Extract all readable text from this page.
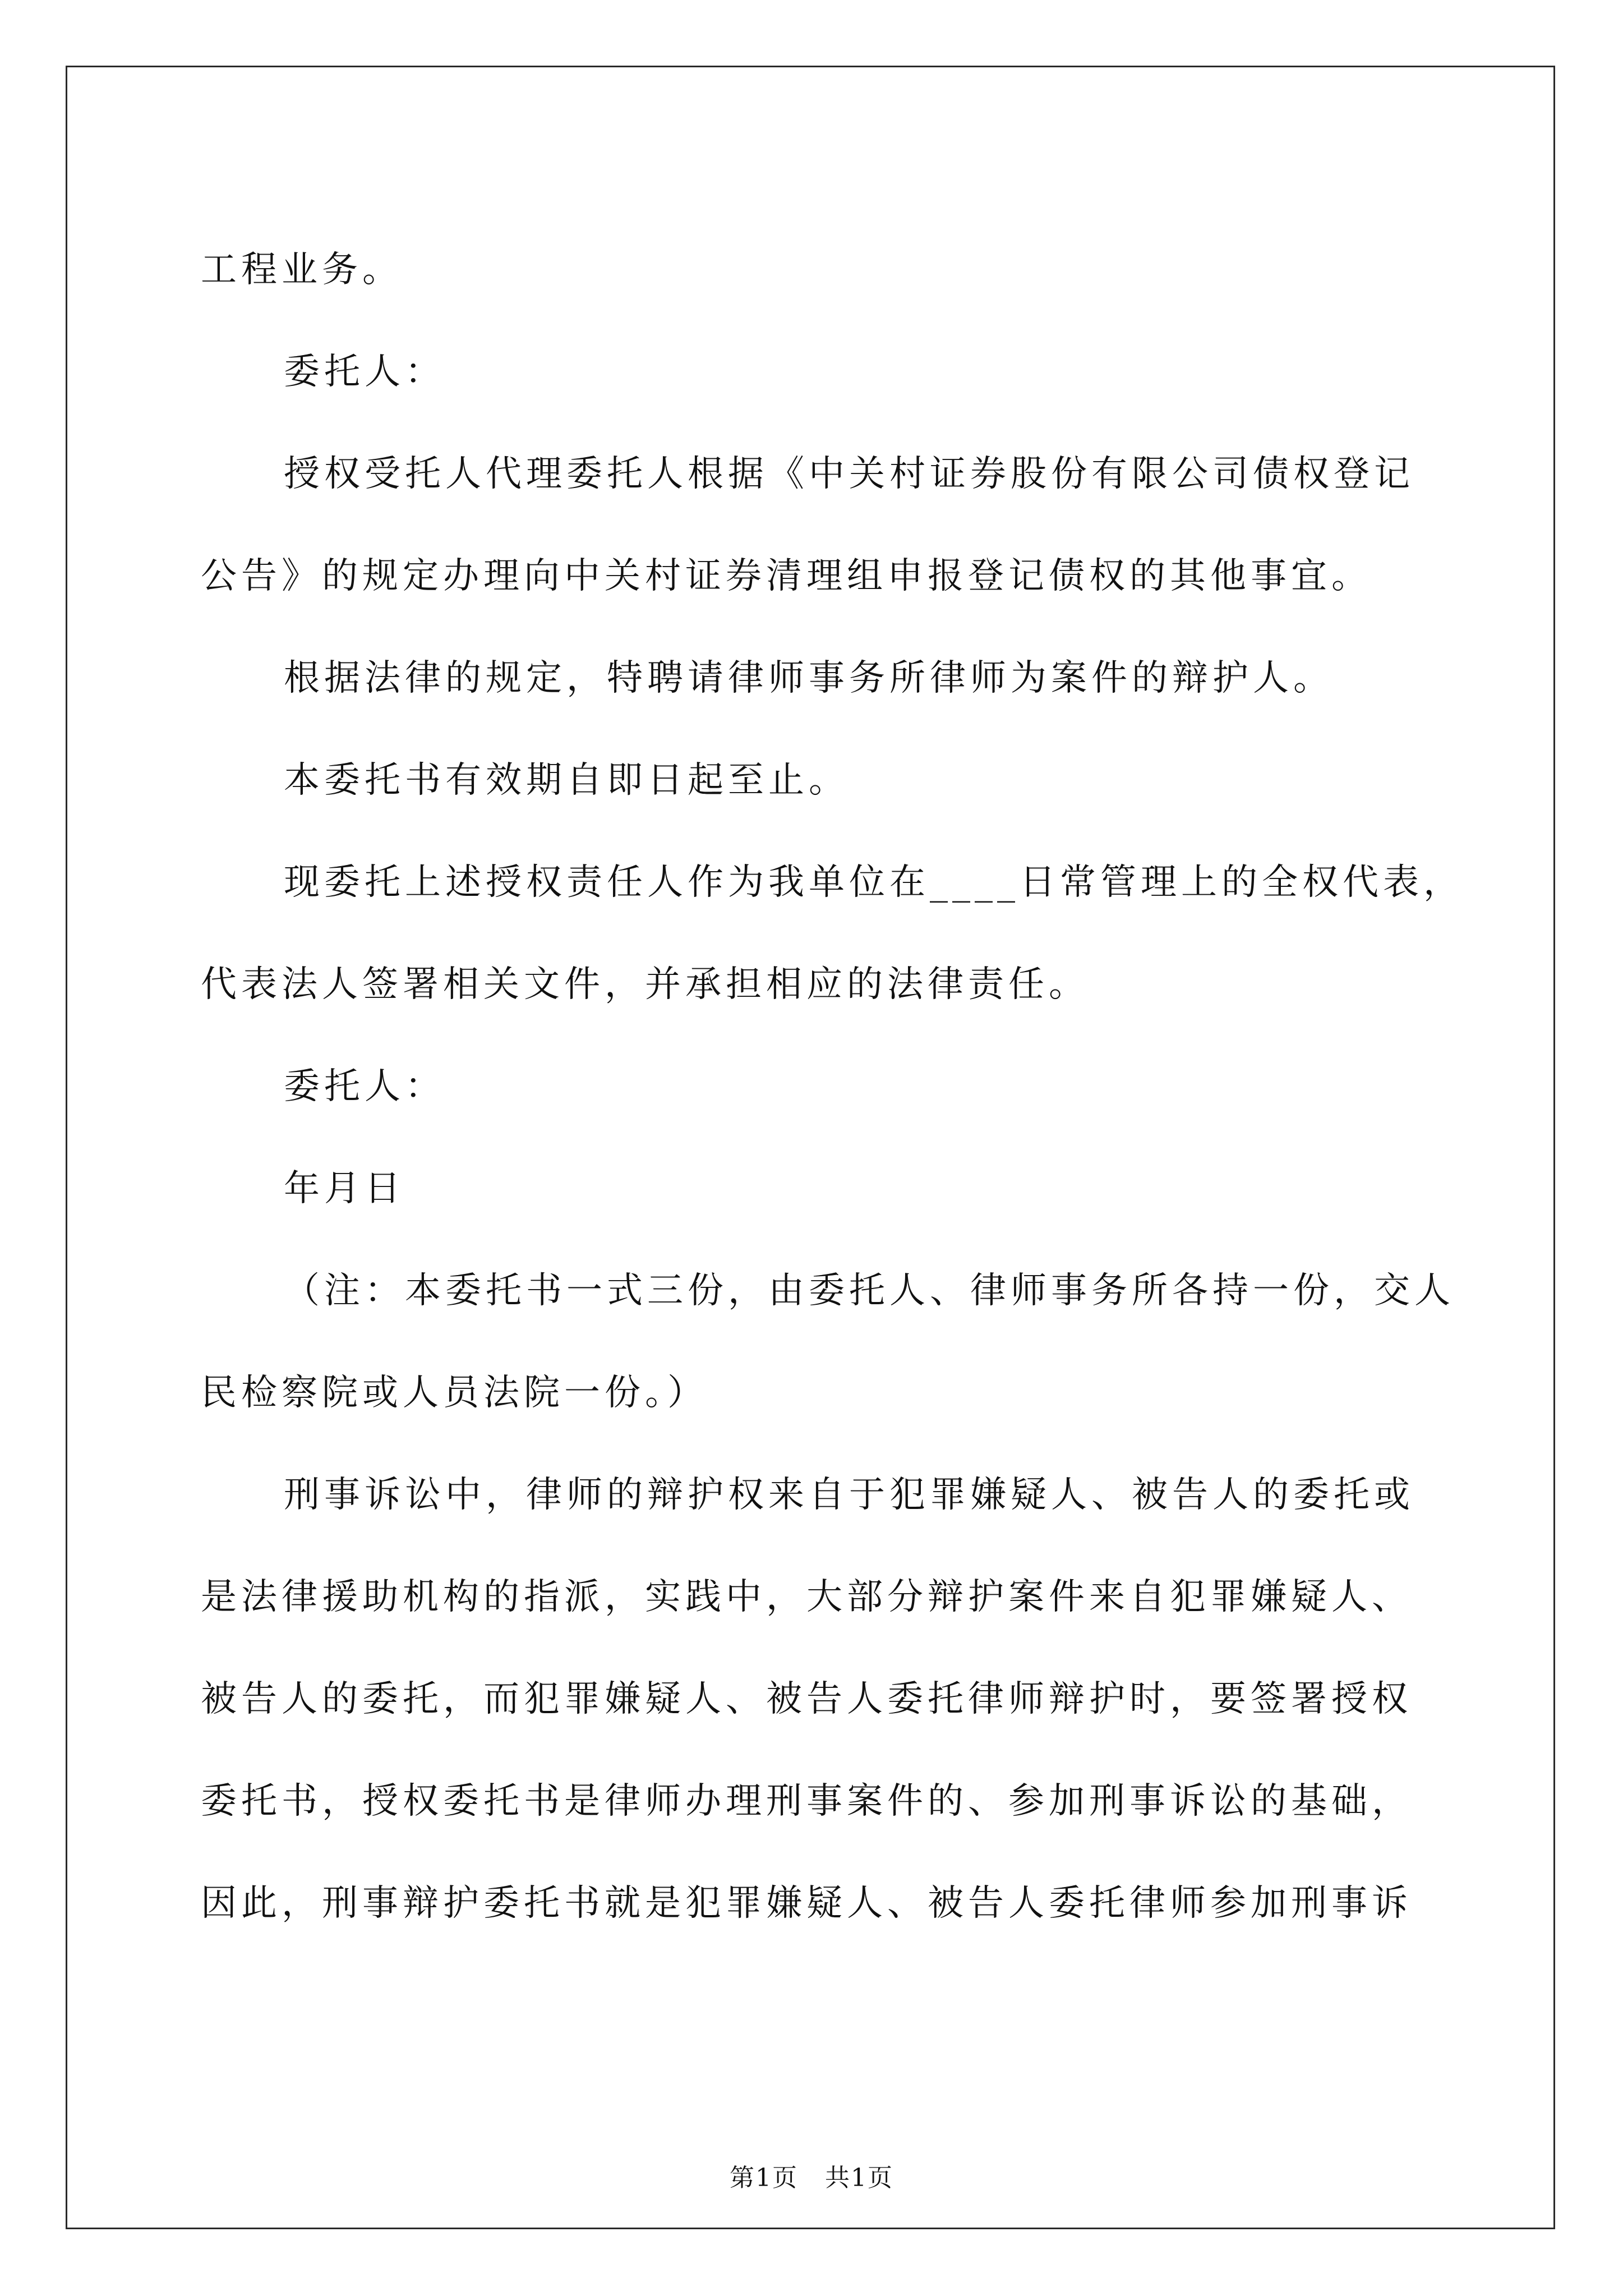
工程业务。
委托人：
授权受托人代理委托人根据《中关村证券股份有限公司债权登记
公告》的规定办理向中关村证券清理组申报登记债权的其他事宜。
根据法律的规定，特聘请律师事务所律师为案件的辩护人。
本委托书有效期自即日起至止。
现委托上述授权责任人作为我单位在____日常管理上的全权代表，
代表法人签署相关文件，并承担相应的法律责任。
委托人：
年月日
（注：本委托书一式三份，由委托人、律师事务所各持一份，交人
民检察院或人员法院一份。）
刑事诉讼中，律师的辩护权来自于犯罪嫌疑人、被告人的委托或
是法律援助机构的指派，实践中，大部分辩护案件来自犯罪嫌疑人、
被告人的委托，而犯罪嫌疑人、被告人委托律师辩护时，要签署授权
委托书，授权委托书是律师办理刑事案件的、参加刑事诉讼的基础，
因此，刑事辩护委托书就是犯罪嫌疑人、被告人委托律师参加刑事诉
第1页 共1页
